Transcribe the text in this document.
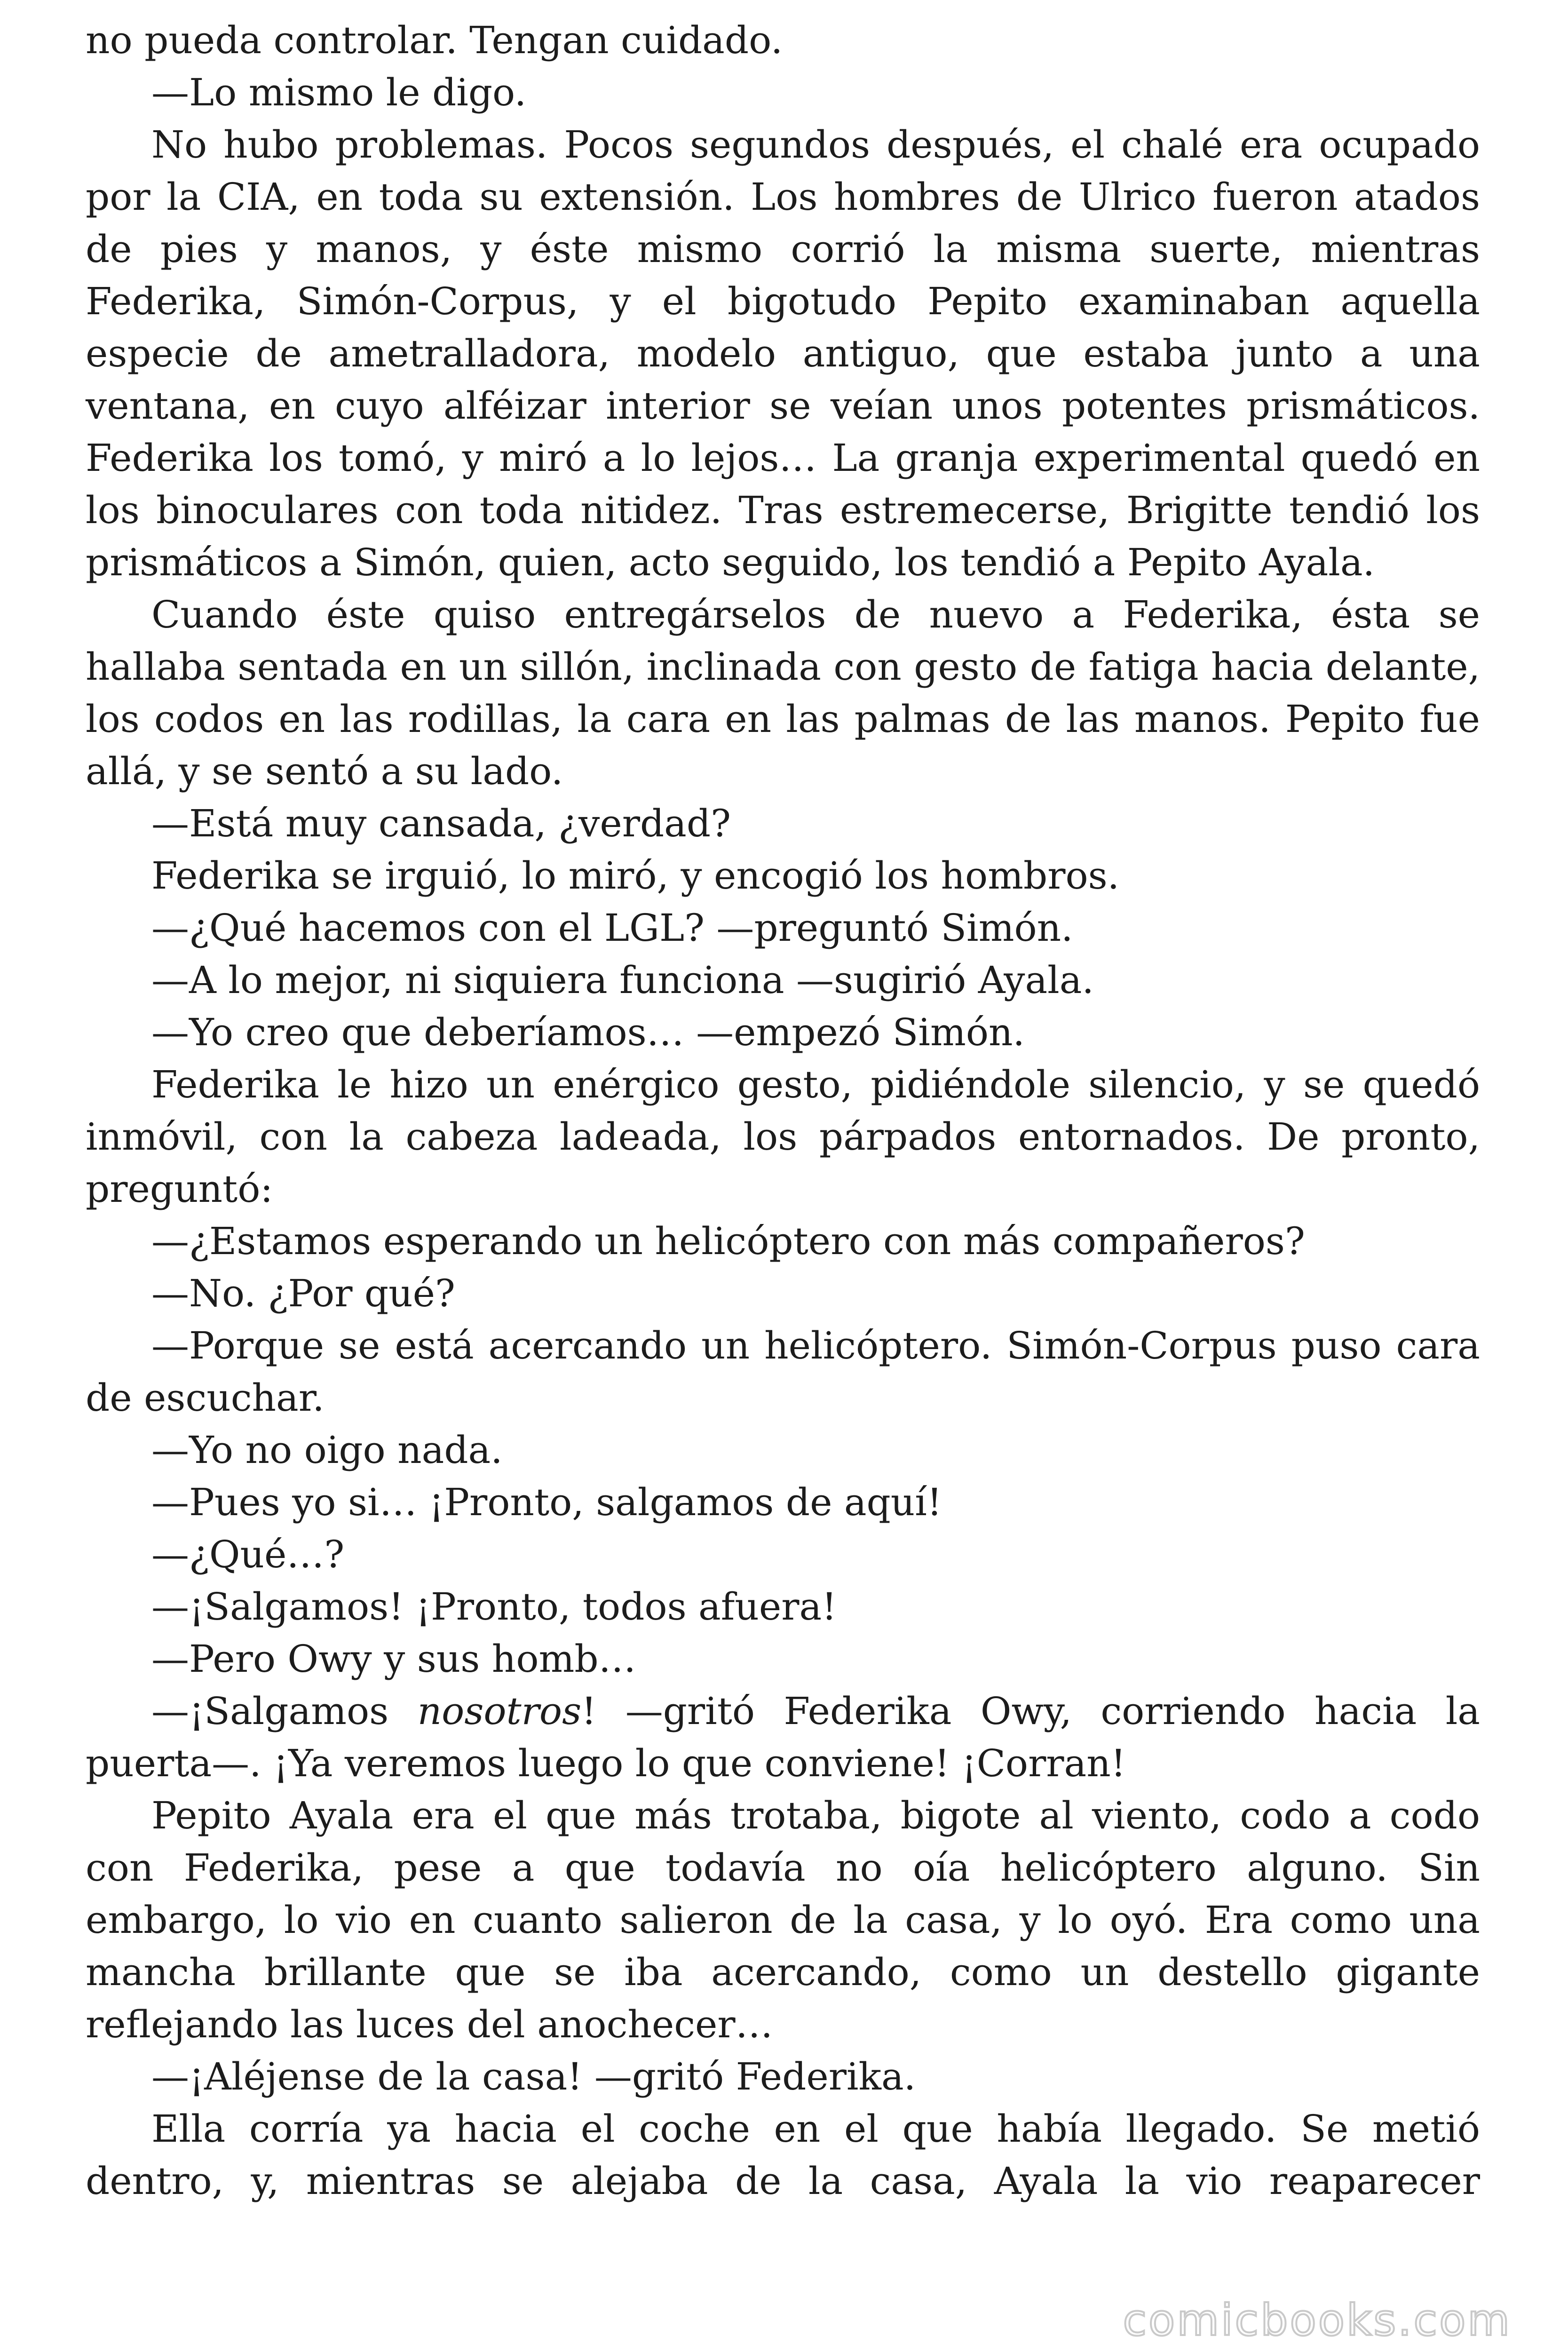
no pueda controlar. Tengan cuidado.

—Lo mismo le digo.

No hubo problemas. Pocos segundos después, el chalé era ocupado por la CIA, en toda su extensión. Los hombres de Ulrico fueron atados de pies y manos, y éste mismo corrió la misma suerte, mientras Federika, Simón-Corpus, y el bigotudo Pepito examinaban aquella especie de ametralladora, modelo antiguo, que estaba junto a una ventana, en cuyo alféizar interior se veían unos potentes prismáticos. Federika los tomó, y miró a lo lejos… La granja experimental quedó en los binoculares con toda nitidez. Tras estremecerse, Brigitte tendió los prismáticos a Simón, quien, acto seguido, los tendió a Pepito Ayala.

Cuando éste quiso entregárselos de nuevo a Federika, ésta se hallaba sentada en un sillón, inclinada con gesto de fatiga hacia delante, los codos en las rodillas, la cara en las palmas de las manos. Pepito fue allá, y se sentó a su lado.

—Está muy cansada, ¿verdad?

Federika se irguió, lo miró, y encogió los hombros.

—¿Qué hacemos con el LGL? —preguntó Simón.

—A lo mejor, ni siquiera funciona —sugirió Ayala.

—Yo creo que deberíamos… —empezó Simón.

Federika le hizo un enérgico gesto, pidiéndole silencio, y se quedó inmóvil, con la cabeza ladeada, los párpados entornados. De pronto, preguntó:

—¿Estamos esperando un helicóptero con más compañeros?

—No. ¿Por qué?

—Porque se está acercando un helicóptero. Simón-Corpus puso cara de escuchar.

—Yo no oigo nada.

—Pues yo si… ¡Pronto, salgamos de aquí!

—¿Qué…?

—¡Salgamos! ¡Pronto, todos afuera!

—Pero Owy y sus homb…

—¡Salgamos nosotros! —gritó Federika Owy, corriendo hacia la puerta—. ¡Ya veremos luego lo que conviene! ¡Corran!

Pepito Ayala era el que más trotaba, bigote al viento, codo a codo con Federika, pese a que todavía no oía helicóptero alguno. Sin embargo, lo vio en cuanto salieron de la casa, y lo oyó. Era como una mancha brillante que se iba acercando, como un destello gigante reflejando las luces del anochecer…

—¡Aléjense de la casa! —gritó Federika.

Ella corría ya hacia el coche en el que había llegado. Se metió dentro, y, mientras se alejaba de la casa, Ayala la vio reaparecer

comicbooks.com
